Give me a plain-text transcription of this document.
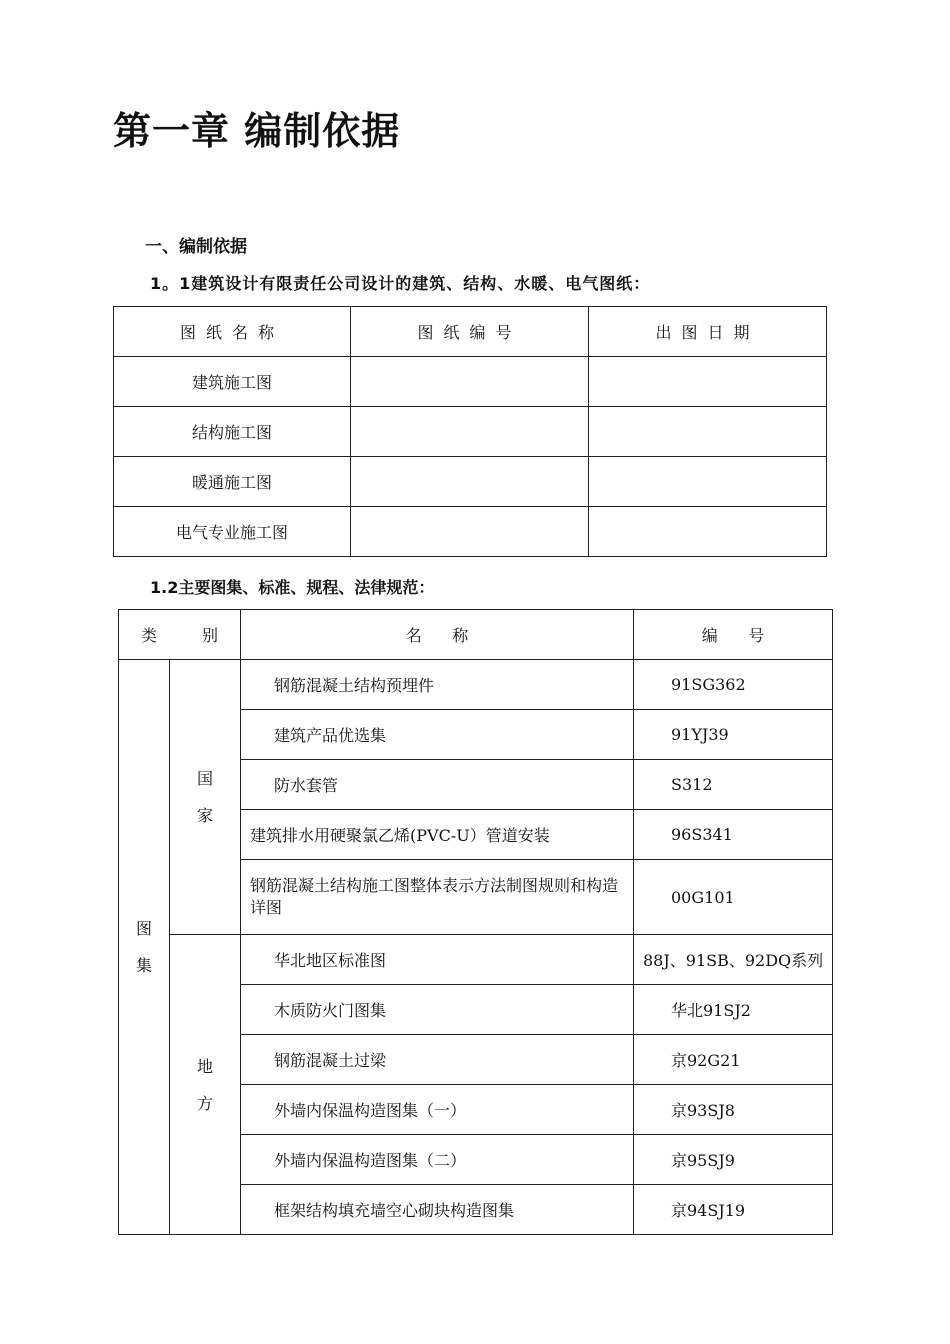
第一章 编制依据
一、编制依据
1。1建筑设计有限责任公司设计的建筑、结构、水暖、电气图纸：
图纸名称	图纸编号	出图日期
建筑施工图		
结构施工图		
暖通施工图		
电气专业施工图		
1.2主要图集、标准、规程、法律规范：
类 别		名      称	编      号
图集	国家	钢筋混凝土结构预埋件	91SG362
		建筑产品优选集	91YJ39
		防水套管	S312
		建筑排水用硬聚氯乙烯(PVC-U）管道安装	96S341

		钢筋混凝土结构施工图整体表示方法制图规则和构造详图	00G101
	地方	华北地区标准图	88J、91SB、92DQ系列
		木质防火门图集	华北91SJ2
		钢筋混凝土过梁	京92G21
		外墙内保温构造图集（一）	京93SJ8
		外墙内保温构造图集（二）	京95SJ9
		框架结构填充墙空心砌块构造图集	京94SJ19
